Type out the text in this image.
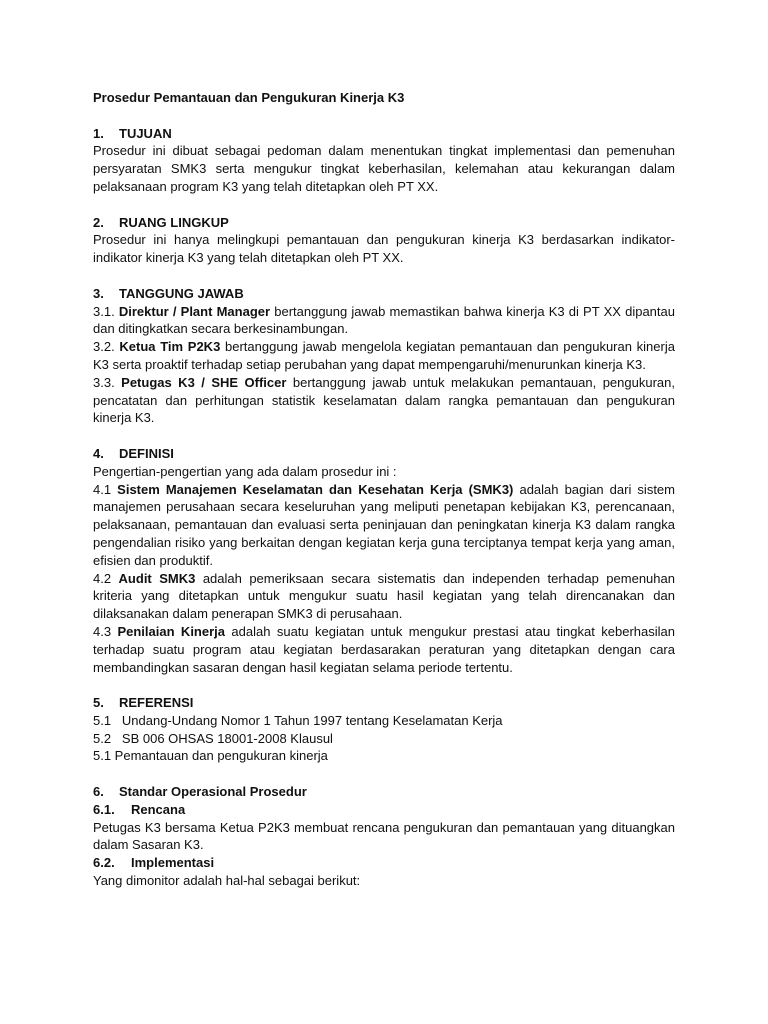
Prosedur Pemantauan dan Pengukuran Kinerja K3
1. TUJUAN

Prosedur ini dibuat sebagai pedoman dalam menentukan tingkat implementasi dan pemenuhan persyaratan SMK3 serta mengukur tingkat keberhasilan, kelemahan atau kekurangan dalam pelaksanaan program K3 yang telah ditetapkan oleh PT XX.

2. RUANG LINGKUP

Prosedur ini hanya melingkupi pemantauan dan pengukuran kinerja K3 berdasarkan indikator-indikator kinerja K3 yang telah ditetapkan oleh PT XX.

3. TANGGUNG JAWAB

3.1. Direktur / Plant Manager bertanggung jawab memastikan bahwa kinerja K3 di PT XX dipantau dan ditingkatkan secara berkesinambungan.

3.2. Ketua Tim P2K3 bertanggung jawab mengelola kegiatan pemantauan dan pengukuran kinerja K3 serta proaktif terhadap setiap perubahan yang dapat mempengaruhi/menurunkan kinerja K3.

3.3. Petugas K3 / SHE Officer bertanggung jawab untuk melakukan pemantauan, pengukuran, pencatatan dan perhitungan statistik keselamatan dalam rangka pemantauan dan pengukuran kinerja K3.

4. DEFINISI

Pengertian-pengertian yang ada dalam prosedur ini :

4.1 Sistem Manajemen Keselamatan dan Kesehatan Kerja (SMK3) adalah bagian dari sistem manajemen perusahaan secara keseluruhan yang meliputi penetapan kebijakan K3, perencanaan, pelaksanaan, pemantauan dan evaluasi serta peninjauan dan peningkatan kinerja K3 dalam rangka pengendalian risiko yang berkaitan dengan kegiatan kerja guna terciptanya tempat kerja yang aman, efisien dan produktif.

4.2 Audit SMK3 adalah pemeriksaan secara sistematis dan independen terhadap pemenuhan kriteria yang ditetapkan untuk mengukur suatu hasil kegiatan yang telah direncanakan dan dilaksanakan dalam penerapan SMK3 di perusahaan.

4.3 Penilaian Kinerja adalah suatu kegiatan untuk mengukur prestasi atau tingkat keberhasilan terhadap suatu program atau kegiatan berdasarakan peraturan yang ditetapkan dengan cara membandingkan sasaran dengan hasil kegiatan selama periode tertentu.

5. REFERENSI
5.1   Undang-Undang Nomor 1 Tahun 1997 tentang Keselamatan Kerja
5.2   SB 006 OHSAS 18001-2008 Klausul
5.1 Pemantauan dan pengukuran kinerja
6. Standar Operasional Prosedur
6.1. Rencana

Petugas K3 bersama Ketua P2K3 membuat rencana pengukuran dan pemantauan yang dituangkan dalam Sasaran K3.

6.2. Implementasi

Yang dimonitor adalah hal-hal sebagai berikut:
